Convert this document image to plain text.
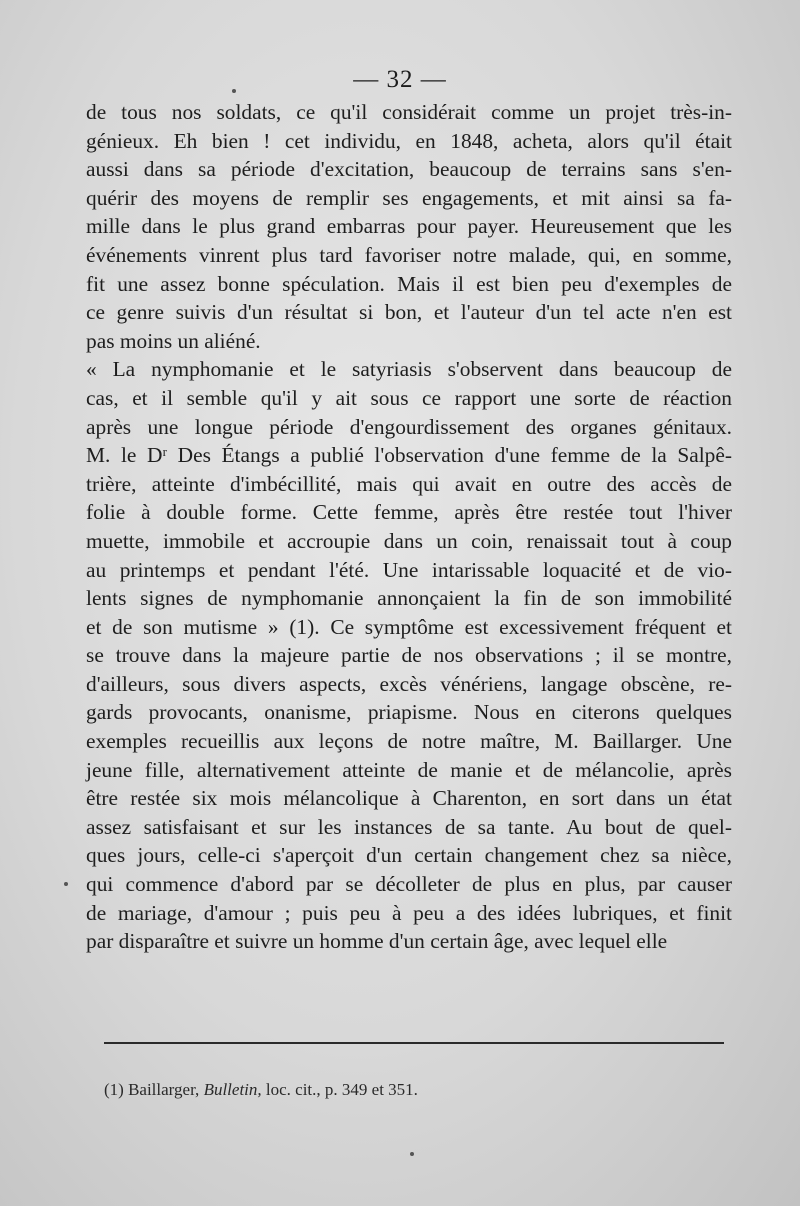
— 32 —
de tous nos soldats, ce qu'il considérait comme un projet très-in-
génieux. Eh bien ! cet individu, en 1848, acheta, alors qu'il était
aussi dans sa période d'excitation, beaucoup de terrains sans s'en-
quérir des moyens de remplir ses engagements, et mit ainsi sa fa-
mille dans le plus grand embarras pour payer. Heureusement que les
événements vinrent plus tard favoriser notre malade, qui, en somme,
fit une assez bonne spéculation. Mais il est bien peu d'exemples de
ce genre suivis d'un résultat si bon, et l'auteur d'un tel acte n'en est
pas moins un aliéné.
« La nymphomanie et le satyriasis s'observent dans beaucoup de
cas, et il semble qu'il y ait sous ce rapport une sorte de réaction
après une longue période d'engourdissement des organes génitaux.
M. le Dʳ Des Étangs a publié l'observation d'une femme de la Salpê-
trière, atteinte d'imbécillité, mais qui avait en outre des accès de
folie à double forme. Cette femme, après être restée tout l'hiver
muette, immobile et accroupie dans un coin, renaissait tout à coup
au printemps et pendant l'été. Une intarissable loquacité et de vio-
lents signes de nymphomanie annonçaient la fin de son immobilité
et de son mutisme » (1). Ce symptôme est excessivement fréquent et
se trouve dans la majeure partie de nos observations ; il se montre,
d'ailleurs, sous divers aspects, excès vénériens, langage obscène, re-
gards provocants, onanisme, priapisme. Nous en citerons quelques
exemples recueillis aux leçons de notre maître, M. Baillarger. Une
jeune fille, alternativement atteinte de manie et de mélancolie, après
être restée six mois mélancolique à Charenton, en sort dans un état
assez satisfaisant et sur les instances de sa tante. Au bout de quel-
ques jours, celle-ci s'aperçoit d'un certain changement chez sa nièce,
qui commence d'abord par se décolleter de plus en plus, par causer
de mariage, d'amour ; puis peu à peu a des idées lubriques, et finit
par disparaître et suivre un homme d'un certain âge, avec lequel elle
(1) Baillarger, Bulletin, loc. cit., p. 349 et 351.
